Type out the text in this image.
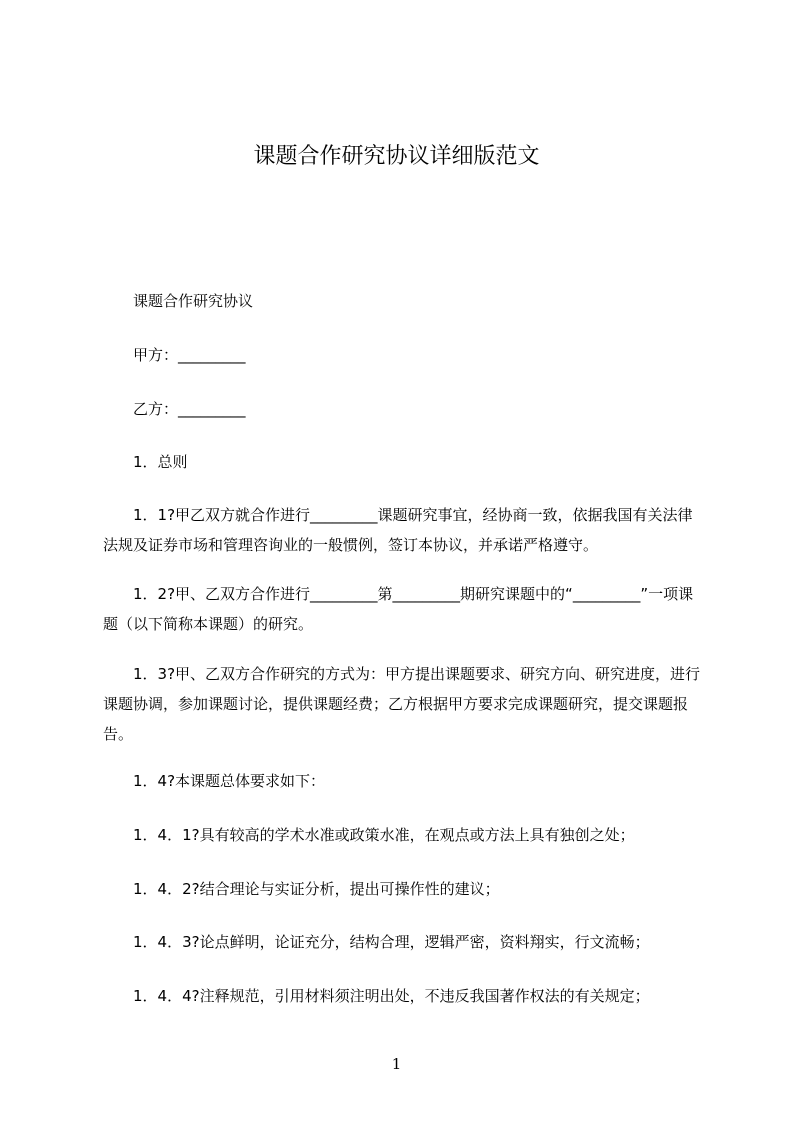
课题合作研究协议详细版范文
　　课题合作研究协议
　　甲方：_________
　　乙方：_________
　　1．总则
　　1．1?甲乙双方就合作进行_________课题研究事宜，经协商一致，依据我国有关法律法规及证券市场和管理咨询业的一般惯例，签订本协议，并承诺严格遵守。
　　1．2?甲、乙双方合作进行_________第_________期研究课题中的“_________”一项课题（以下简称本课题）的研究。
　　1．3?甲、乙双方合作研究的方式为：甲方提出课题要求、研究方向、研究进度，进行课题协调，参加课题讨论，提供课题经费；乙方根据甲方要求完成课题研究，提交课题报告。
　　1．4?本课题总体要求如下：
　　1．4．1?具有较高的学术水准或政策水准，在观点或方法上具有独创之处；
　　1．4．2?结合理论与实证分析，提出可操作性的建议；
　　1．4．3?论点鲜明，论证充分，结构合理，逻辑严密，资料翔实，行文流畅；
　　1．4．4?注释规范，引用材料须注明出处，不违反我国著作权法的有关规定；
1
